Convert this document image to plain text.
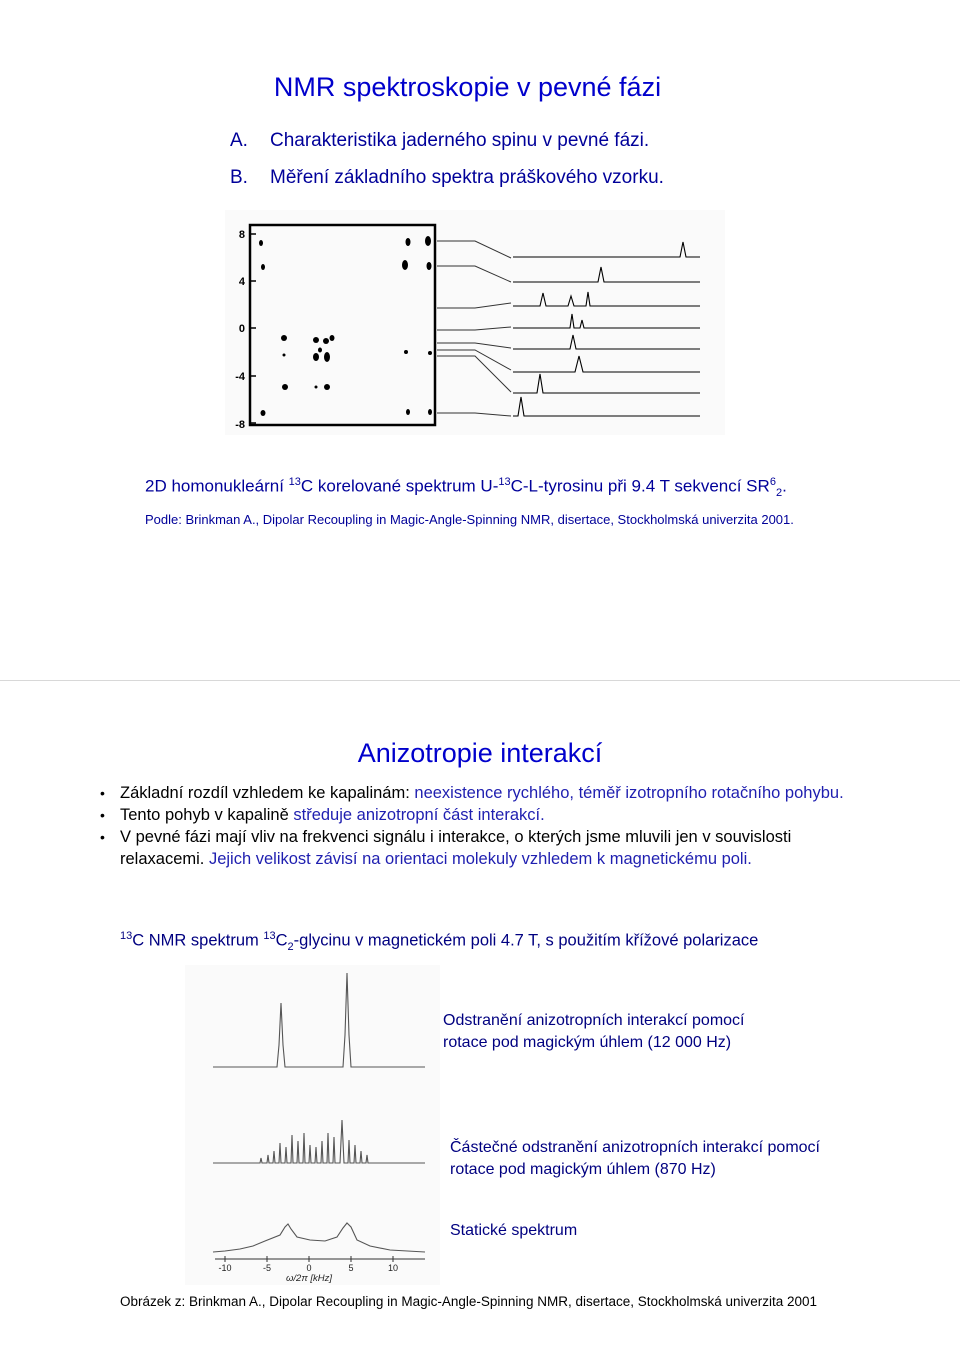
NMR spektroskopie v pevné fázi
A. Charakteristika jaderného spinu v pevné fázi.
B. Měření základního spektra práškového vzorku.
8
4
0
-4
-8
2D homonukleární $^{13}$C korelované spektrum U-$^{13}$C-L-tyrosinu při 9.4 T sekvencí $SR^6_2$.
Podle: Brinkman A., Dipolar Recoupling in Magic-Angle-Spinning NMR, disertace, Stockholmská univerzita 2001.
Anizotropie interakcí

• Základní rozdíl vzhledem ke kapalinám: neexistence rychlého, téměř izotropního rotačního pohybu.

• Tento pohyb v kapalině středuje anizotropní část interakcí.

• V pevné fázi mají vliv na frekvenci signálu i interakce, o kterých jsme mluvili jen v souvislosti relaxacemi. Jejich velikost závisí na orientaci molekuly vzhledem k magnetickému poli.

$^{13}$C NMR spektrum $^{13}C_2$-glycinu v magnetickém poli 4.7 T, s použitím křížové polarizace
-10	-5	0	5	10
ω/2π [kHz]
Odstranění anizotropních interakcí pomocí rotace pod magickým úhlem (12 000 Hz)
Částečné odstranění anizotropních interakcí pomocí rotace pod magickým úhlem (870 Hz)
Statické spektrum
Obrázek z: Brinkman A., Dipolar Recoupling in Magic-Angle-Spinning NMR, disertace, Stockholmská univerzita 2001
